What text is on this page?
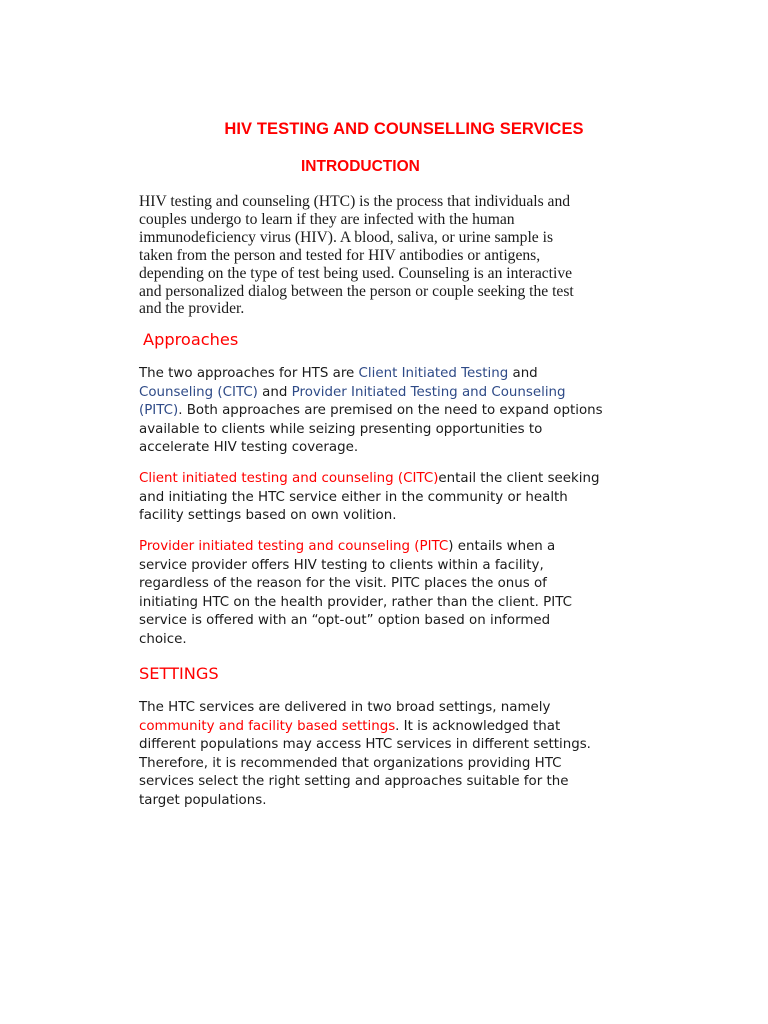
HIV TESTING AND COUNSELLING SERVICES
INTRODUCTION

HIV testing and counseling (HTC) is the process that individuals and
couples undergo to learn if they are infected with the human
immunodeficiency virus (HIV). A blood, saliva, or urine sample is
taken from the person and tested for HIV antibodies or antigens,
depending on the type of test being used. Counseling is an interactive
and personalized dialog between the person or couple seeking the test
and the provider.

Approaches

The two approaches for HTS are Client Initiated Testing and
Counseling (CITC) and Provider Initiated Testing and Counseling
(PITC). Both approaches are premised on the need to expand options
available to clients while seizing presenting opportunities to
accelerate HIV testing coverage.

Client initiated testing and counseling (CITC)entail the client seeking
and initiating the HTC service either in the community or health
facility settings based on own volition.

Provider initiated testing and counseling (PITC) entails when a
service provider offers HIV testing to clients within a facility,
regardless of the reason for the visit. PITC places the onus of
initiating HTC on the health provider, rather than the client. PITC
service is offered with an “opt-out” option based on informed
choice.

SETTINGS

The HTC services are delivered in two broad settings, namely
community and facility based settings. It is acknowledged that
different populations may access HTC services in different settings.
Therefore, it is recommended that organizations providing HTC
services select the right setting and approaches suitable for the
target populations.
